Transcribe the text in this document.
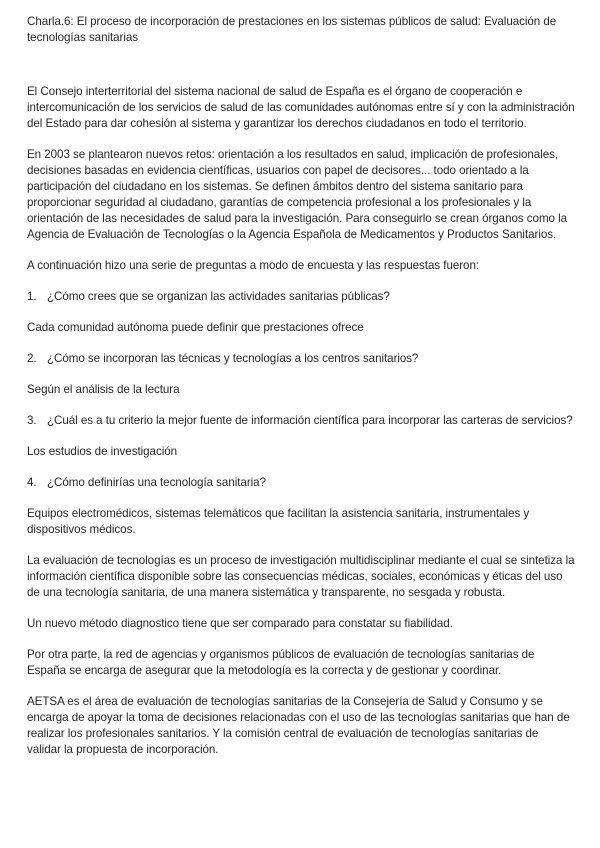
Charla.6: El proceso de incorporación de prestaciones en los sistemas públicos de salud: Evaluación de tecnologías sanitarias

El Consejo interterritorial del sistema nacional de salud de España es el órgano de cooperación e intercomunicación de los servicios de salud de las comunidades autónomas entre sí y con la administración del Estado para dar cohesión al sistema y garantizar los derechos ciudadanos en todo el territorio.

En 2003 se plantearon nuevos retos: orientación a los resultados en salud, implicación de profesionales, decisiones basadas en evidencia científicas, usuarios con papel de decisores... todo orientado a la participación del ciudadano en los sistemas. Se definen ámbitos dentro del sistema sanitario para proporcionar seguridad al ciudadano, garantías de competencia profesional a los profesionales y la orientación de las necesidades de salud para la investigación. Para conseguirlo se crean órganos como la Agencia de Evaluación de Tecnologías o la Agencia Española de Medicamentos y Productos Sanitarios.

A continuación hizo una serie de preguntas a modo de encuesta y las respuestas fueron:

1. ¿Cómo crees que se organizan las actividades sanitarias públicas?

Cada comunidad autónoma puede definir que prestaciones ofrece

2. ¿Cómo se incorporan las técnicas y tecnologías a los centros sanitarios?

Según el análisis de la lectura

3. ¿Cuál es a tu criterio la mejor fuente de información científica para incorporar las carteras de servicios?

Los estudios de investigación

4. ¿Cómo definirías una tecnología sanitaria?

Equipos electromédicos, sistemas telemáticos que facilitan la asistencia sanitaria, instrumentales y dispositivos médicos.

La evaluación de tecnologías es un proceso de investigación multidisciplinar mediante el cual se sintetiza la información científica disponible sobre las consecuencias médicas, sociales, económicas y éticas del uso de una tecnología sanitaria, de una manera sistemática y transparente, no sesgada y robusta.

Un nuevo método diagnostico tiene que ser comparado para constatar su fiabilidad.

Por otra parte, la red de agencias y organismos públicos de evaluación de tecnologías sanitarias de España se encarga de asegurar que la metodología es la correcta y de gestionar y coordinar.

AETSA es el área de evaluación de tecnologías sanitarias de la Consejería de Salud y Consumo y se encarga de apoyar la toma de decisiones relacionadas con el uso de las tecnologías sanitarias que han de realizar los profesionales sanitarios. Y la comisión central de evaluación de tecnologías sanitarias de validar la propuesta de incorporación.
